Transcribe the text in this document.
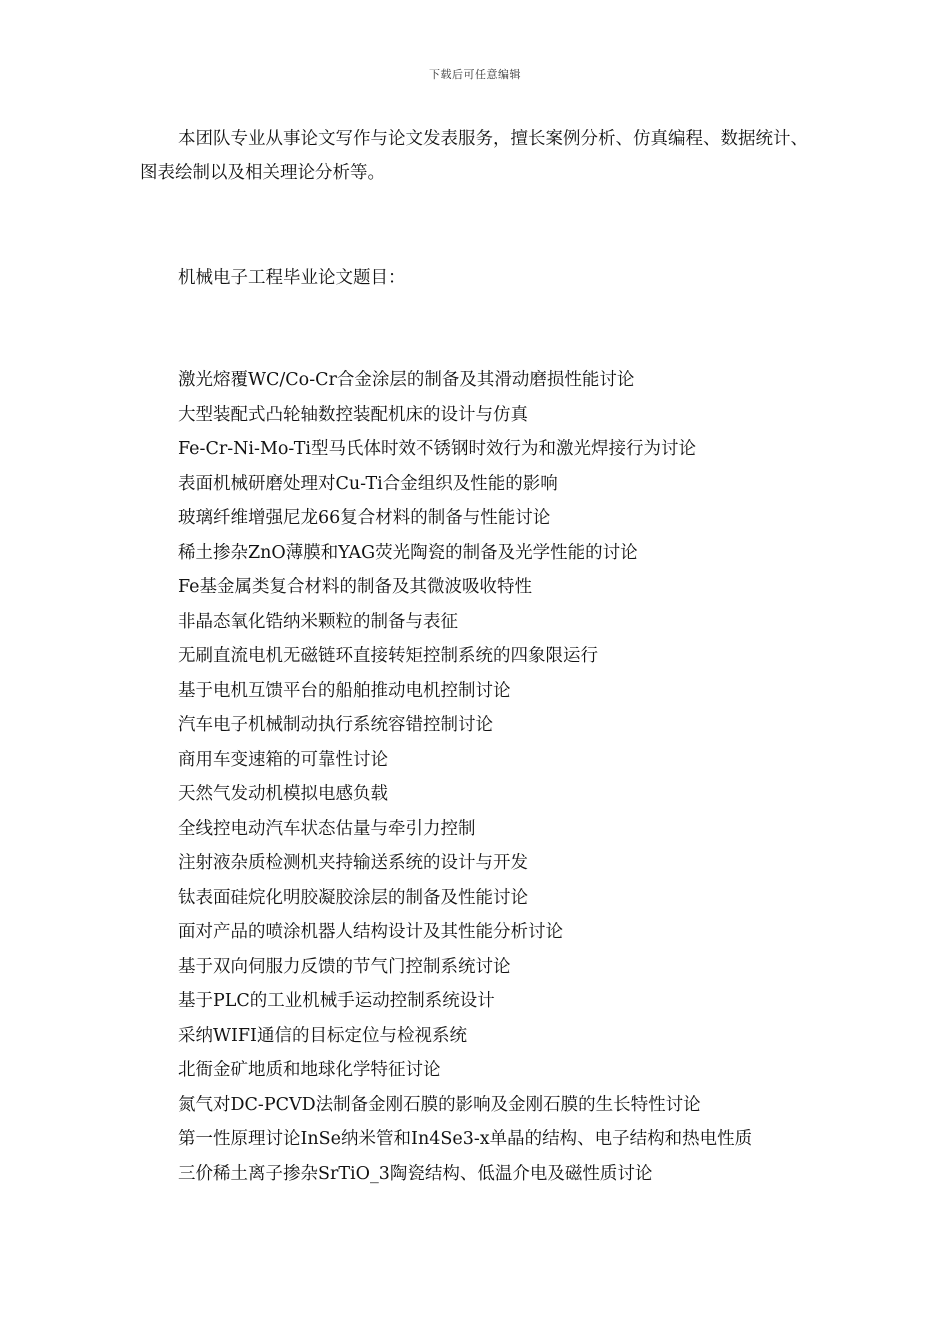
下载后可任意编辑

本团队专业从事论文写作与论文发表服务，擅长案例分析、仿真编程、数据统计、图表绘制以及相关理论分析等。

机械电子工程毕业论文题目：
激光熔覆WC/Co-Cr合金涂层的制备及其滑动磨损性能讨论
大型装配式凸轮轴数控装配机床的设计与仿真
Fe-Cr-Ni-Mo-Ti型马氏体时效不锈钢时效行为和激光焊接行为讨论
表面机械研磨处理对Cu-Ti合金组织及性能的影响
玻璃纤维增强尼龙66复合材料的制备与性能讨论
稀土掺杂ZnO薄膜和YAG荧光陶瓷的制备及光学性能的讨论
Fe基金属类复合材料的制备及其微波吸收特性
非晶态氧化锆纳米颗粒的制备与表征
无刷直流电机无磁链环直接转矩控制系统的四象限运行
基于电机互馈平台的船舶推动电机控制讨论
汽车电子机械制动执行系统容错控制讨论
商用车变速箱的可靠性讨论
天然气发动机模拟电感负载
全线控电动汽车状态估量与牵引力控制
注射液杂质检测机夹持输送系统的设计与开发
钛表面硅烷化明胶凝胶涂层的制备及性能讨论
面对产品的喷涂机器人结构设计及其性能分析讨论
基于双向伺服力反馈的节气门控制系统讨论
基于PLC的工业机械手运动控制系统设计
采纳WIFI通信的目标定位与检视系统
北衙金矿地质和地球化学特征讨论
氮气对DC-PCVD法制备金刚石膜的影响及金刚石膜的生长特性讨论
第一性原理讨论InSe纳米管和In4Se3-x单晶的结构、电子结构和热电性质
三价稀土离子掺杂SrTiO_3陶瓷结构、低温介电及磁性质讨论
